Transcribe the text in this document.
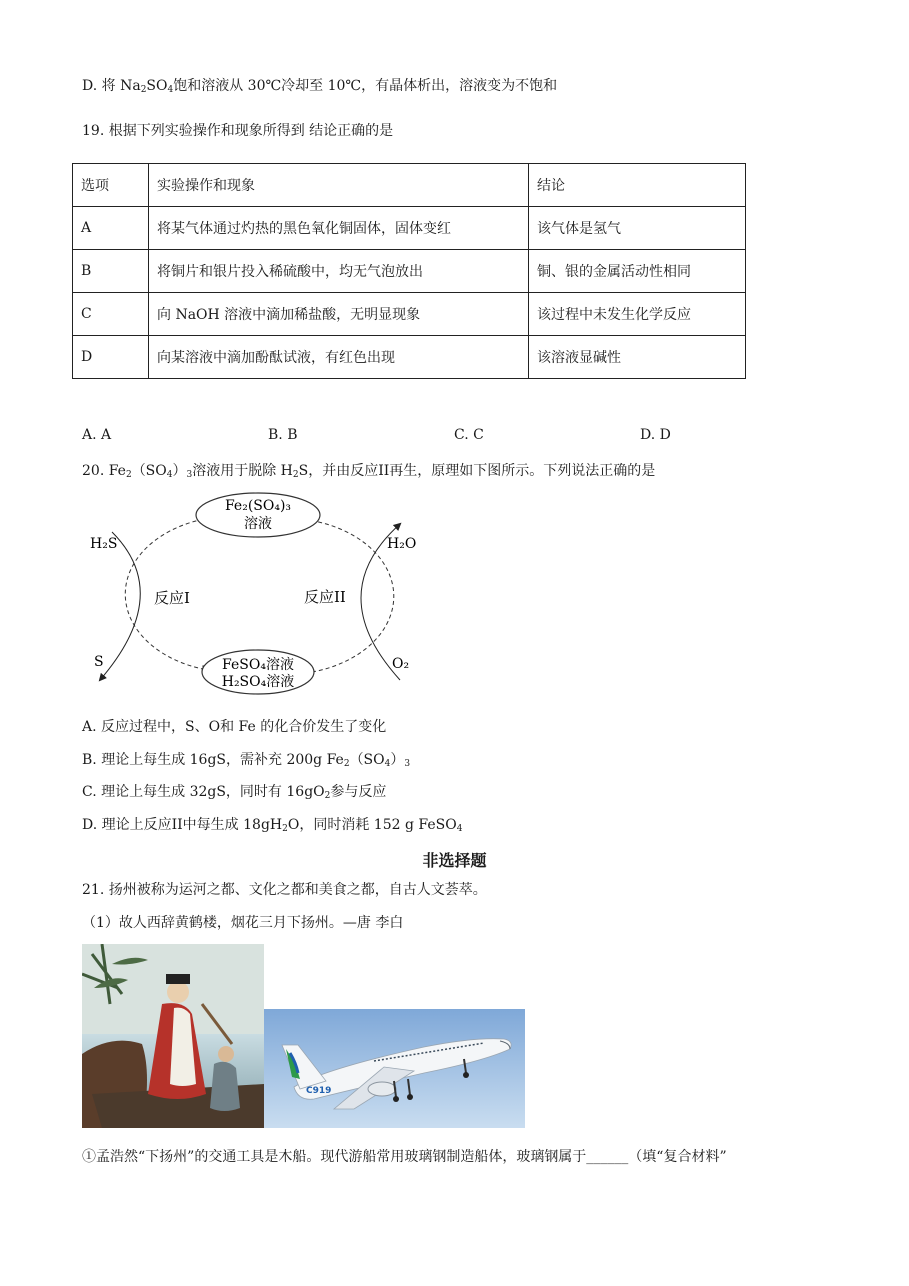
D. 将 $Na_2SO_4$饱和溶液从 30℃冷却至 10℃，有晶体析出，溶液变为不饱和
19. 根据下列实验操作和现象所得到 结论正确的是
选项	实验操作和现象	结论
A	将某气体通过灼热的黑色氧化铜固体，固体变红	该气体是氢气
B	将铜片和银片投入稀硫酸中，均无气泡放出	铜、银的金属活动性相同
C	向 NaOH 溶液中滴加稀盐酸，无明显现象	该过程中未发生化学反应
D	向某溶液中滴加酚酞试液，有红色出现	该溶液显碱性
A. A	B. B	C. C	D. D
20. $Fe_2(SO_4)_3$溶液用于脱除 $H_2S$，并由反应II再生，原理如下图所示。下列说法正确的是
Fe₂(SO₄)₃
溶液
FeSO₄溶液
H₂SO₄溶液
反应I	反应II
H₂S
S
H₂O
O₂
A. 反应过程中，S、O和 Fe 的化合价发生了变化
B. 理论上每生成 16gS，需补充 200g $Fe_2(SO_4)_3$
C. 理论上每生成 32gS，同时有 $16gO_2$参与反应
D. 理论上反应II中每生成 $18gH_2O$，同时消耗 152 g FeSO$_4$
非选择题
21. 扬州被称为运河之都、文化之都和美食之都，自古人文荟萃。
（1）故人西辞黄鹤楼，烟花三月下扬州。—唐 李白
C919
①孟浩然“下扬州”的交通工具是木船。现代游船常用玻璃钢制造船体，玻璃钢属于______（填“复合材料”
